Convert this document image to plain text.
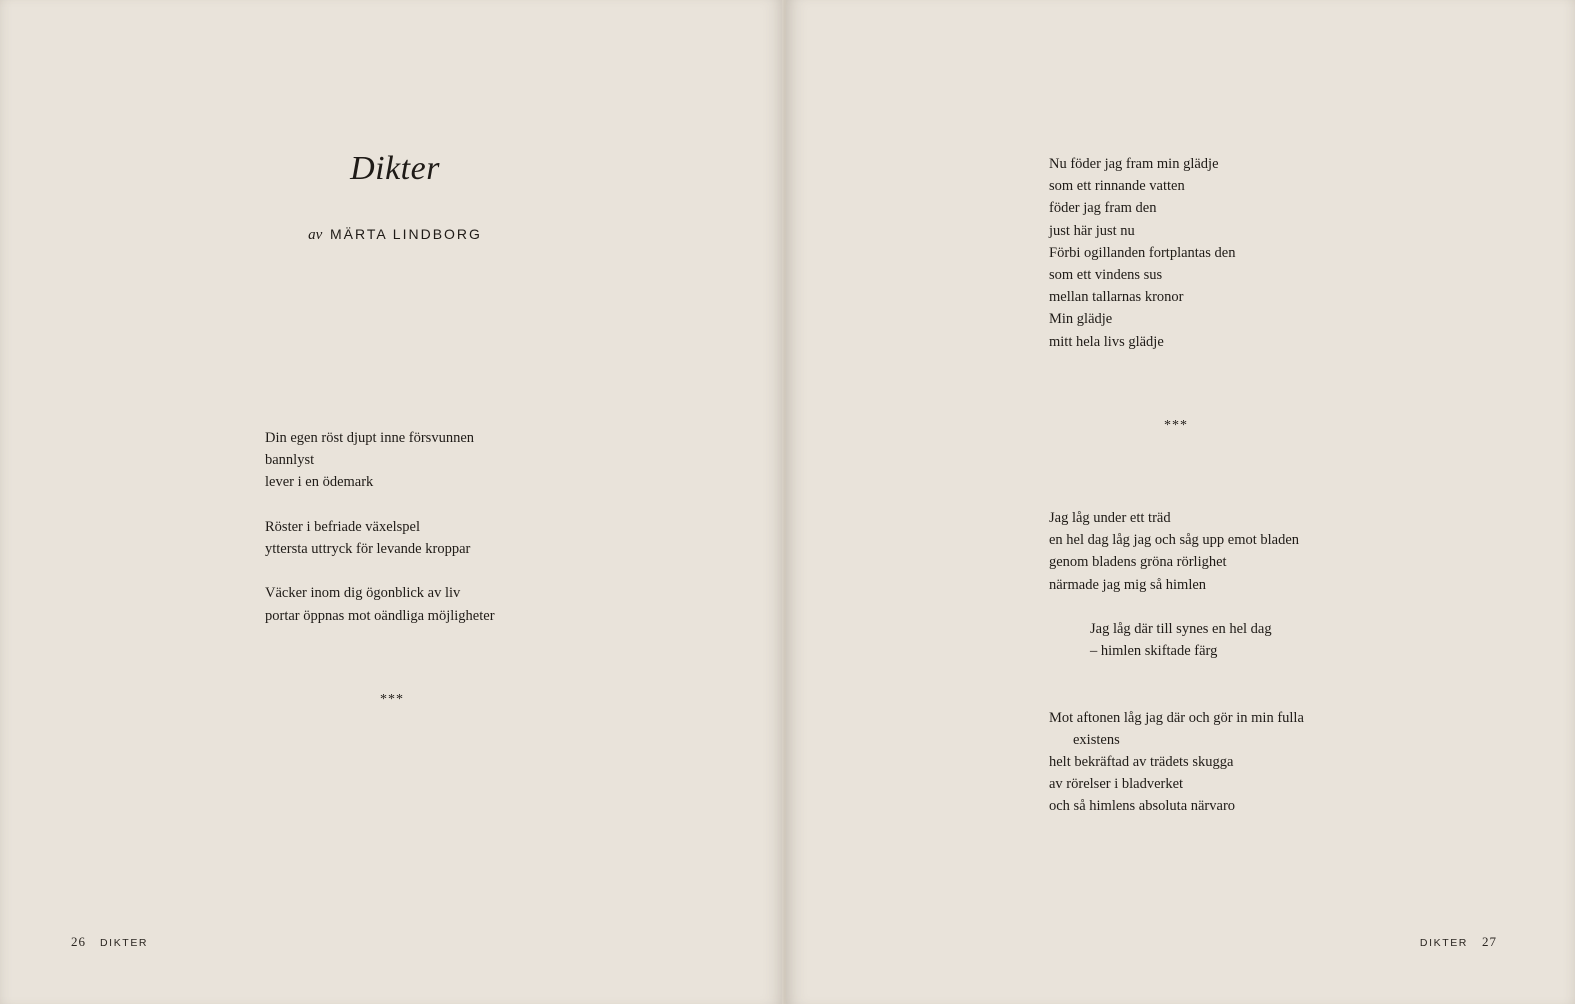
Dikter
av MÄRTA LINDBORG
Din egen röst djupt inne försvunnen
bannlyst
lever i en ödemark
Röster i befriade växelspel
yttersta uttryck för levande kroppar
Väcker inom dig ögonblick av liv
portar öppnas mot oändliga möjligheter
***
26 DIKTER
Nu föder jag fram min glädje
som ett rinnande vatten
föder jag fram den
just här just nu
Förbi ogillanden fortplantas den
som ett vindens sus
mellan tallarnas kronor
Min glädje
mitt hela livs glädje
***
Jag låg under ett träd
en hel dag låg jag och såg upp emot bladen
genom bladens gröna rörlighet
närmade jag mig så himlen
Jag låg där till synes en hel dag
– himlen skiftade färg
Mot aftonen låg jag där och gör in min fulla
existens
helt bekräftad av trädets skugga
av rörelser i bladverket
och så himlens absoluta närvaro
DIKTER 27
